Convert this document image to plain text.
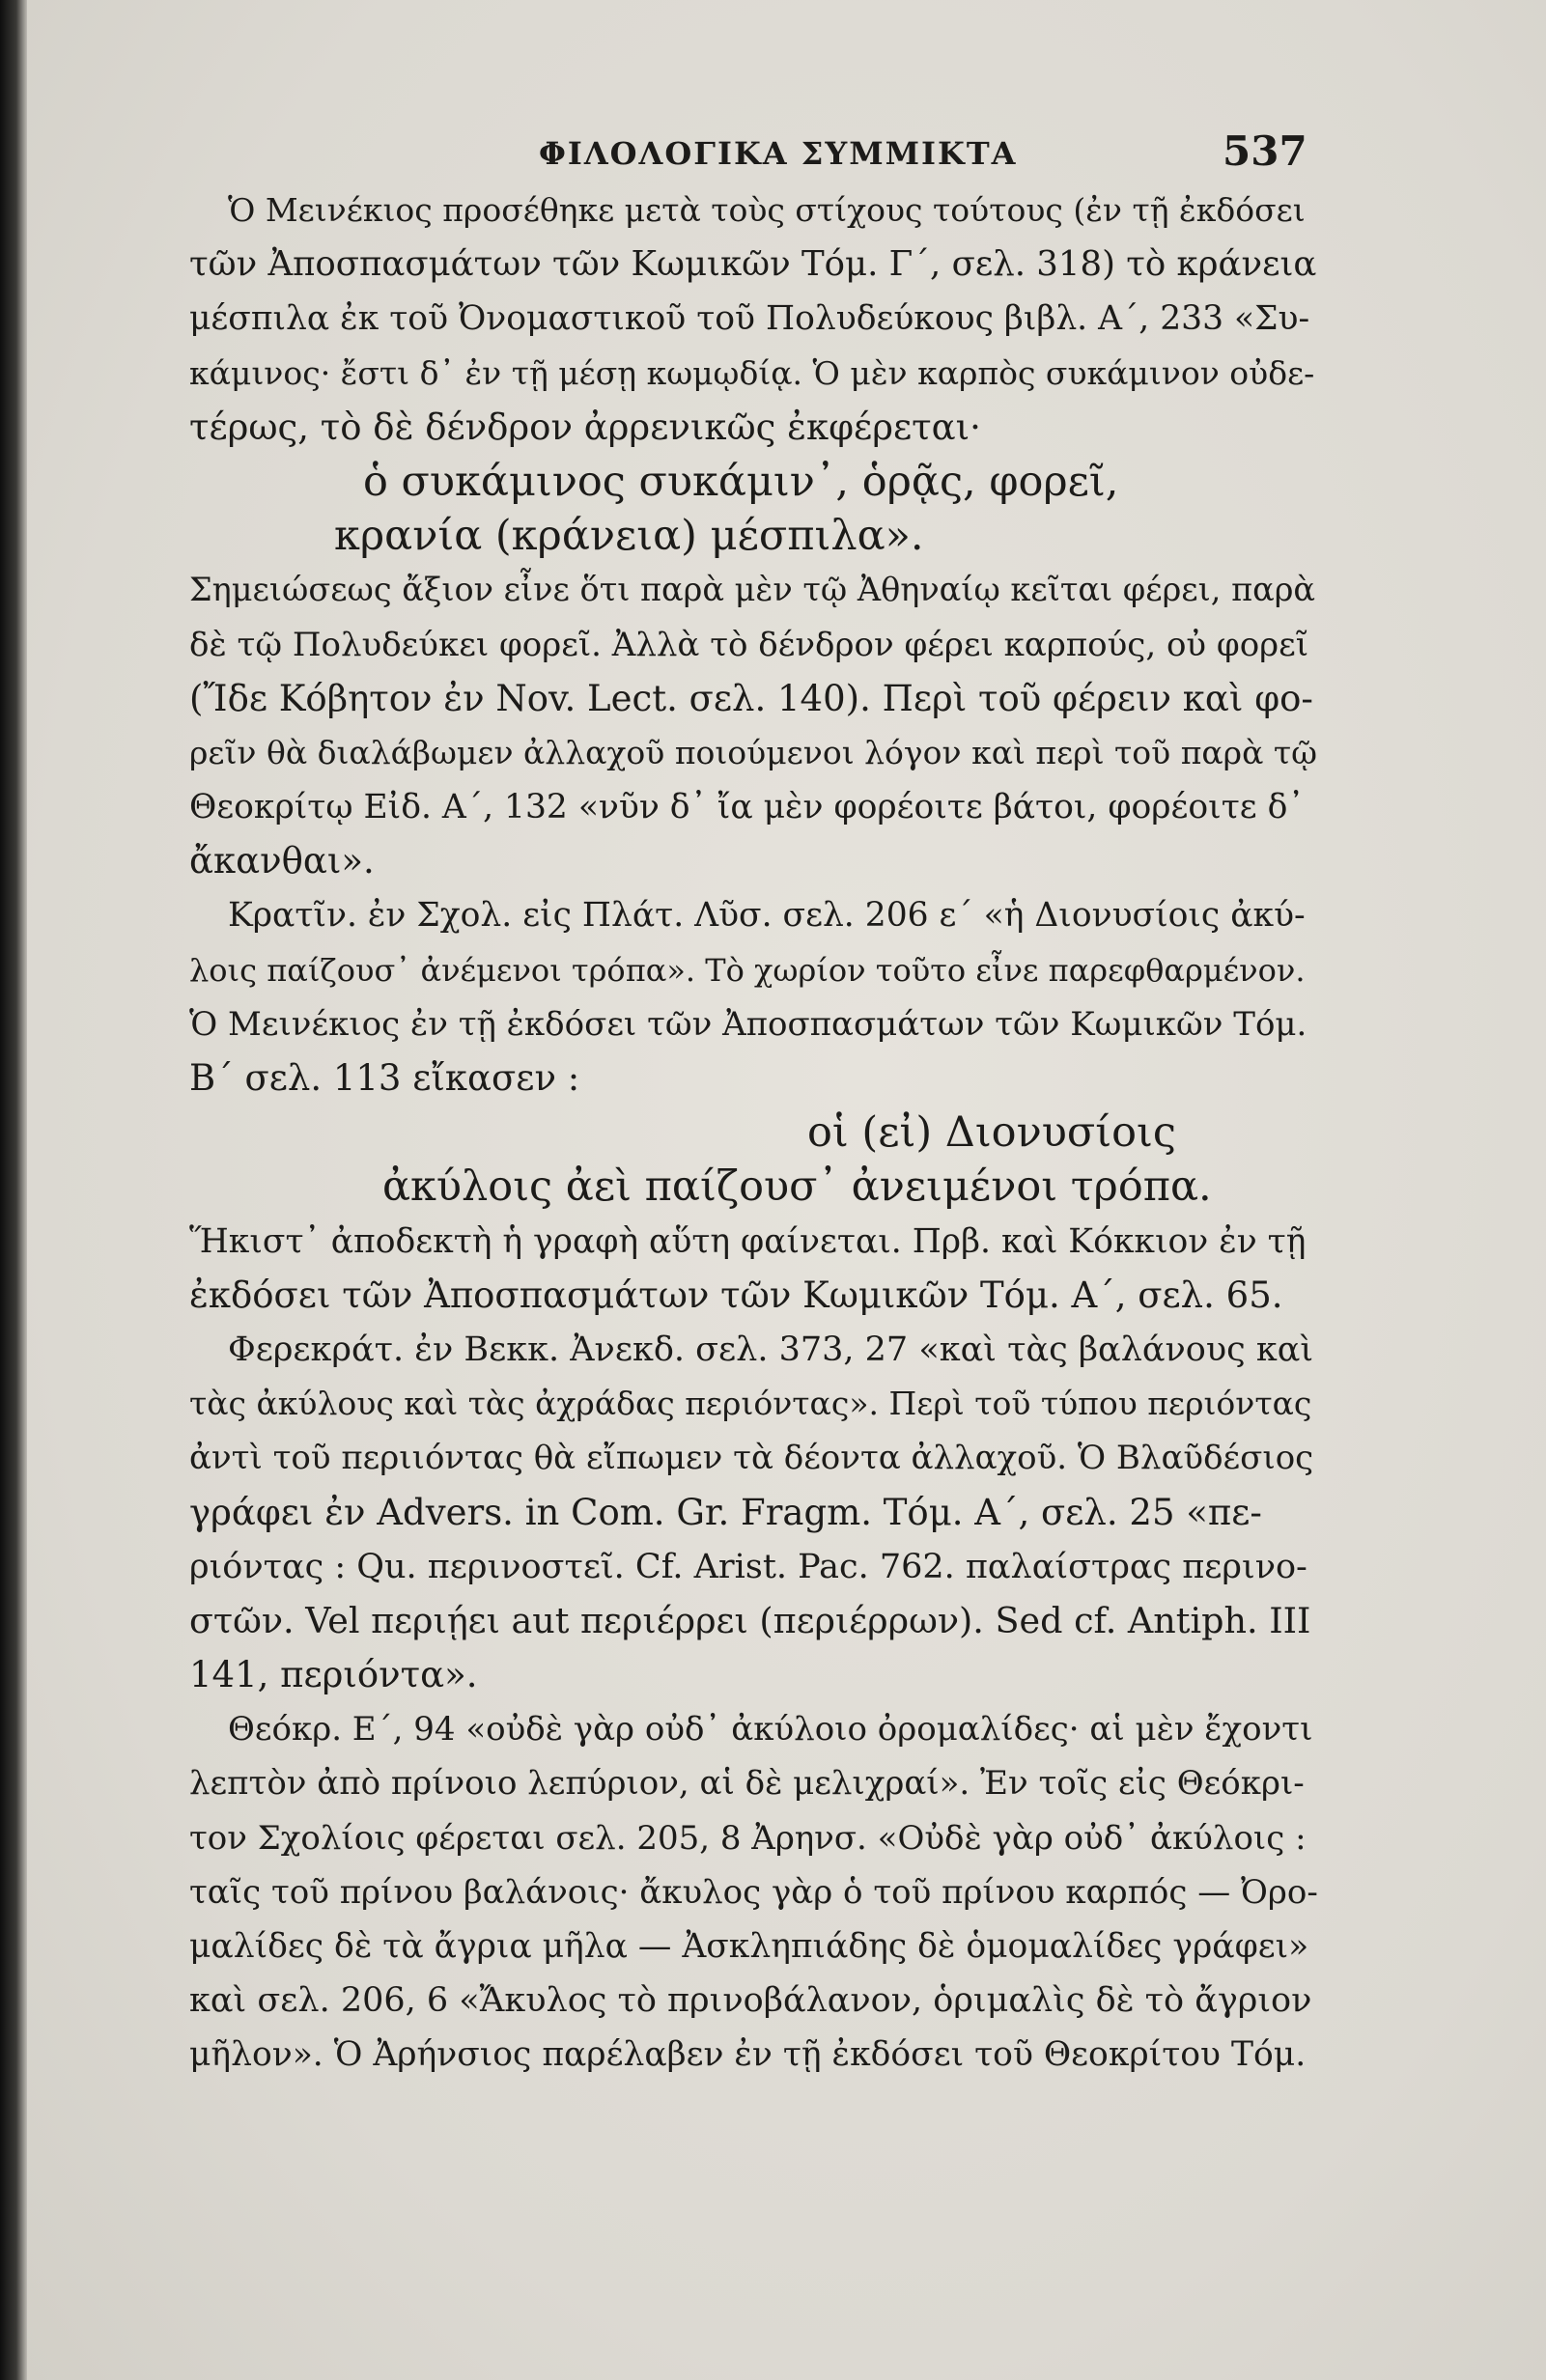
ΦΙΛΟΛΟΓΙΚΑ ΣΥΜΜΙΚΤΑ	537
Ὁ Μεινέκιος προσέθηκε μετὰ τοὺς στίχους τούτους (ἐν τῇ ἐκδόσει
τῶν Ἀποσπασμάτων τῶν Κωμικῶν Τόμ. Γ΄, σελ. 318) τὸ κράνεια
μέσπιλα ἐκ τοῦ Ὀνομαστικοῦ τοῦ Πολυδεύκους βιβλ. Α΄, 233 «Συ-
κάμινος· ἔστι δ᾽ ἐν τῇ μέσῃ κωμῳδίᾳ. Ὁ μὲν καρπὸς συκάμινον οὐδε-
τέρως, τὸ δὲ δένδρον ἀρρενικῶς ἐκφέρεται·
ὁ συκάμινος συκάμιν᾽, ὁρᾷς, φορεῖ,
κρανία (κράνεια) μέσπιλα».
Σημειώσεως ἄξιον εἶνε ὅτι παρὰ μὲν τῷ Ἀθηναίῳ κεῖται φέρει, παρὰ
δὲ τῷ Πολυδεύκει φορεῖ. Ἀλλὰ τὸ δένδρον φέρει καρπούς, οὐ φορεῖ
(Ἴδε Κόβητον ἐν Nov. Lect. σελ. 140). Περὶ τοῦ φέρειν καὶ φο-
ρεῖν θὰ διαλάβωμεν ἀλλαχοῦ ποιούμενοι λόγον καὶ περὶ τοῦ παρὰ τῷ
Θεοκρίτῳ Εἰδ. Α΄, 132 «νῦν δ᾽ ἴα μὲν φορέοιτε βάτοι, φορέοιτε δ᾽
ἄκανθαι».
Κρατῖν. ἐν Σχολ. εἰς Πλάτ. Λῦσ. σελ. 206 ε΄ «ἡ Διονυσίοις ἀκύ-
λοις παίζουσ᾽ ἀνέμενοι τρόπα». Τὸ χωρίον τοῦτο εἶνε παρεφθαρμένον.
Ὁ Μεινέκιος ἐν τῇ ἐκδόσει τῶν Ἀποσπασμάτων τῶν Κωμικῶν Τόμ.
Β΄ σελ. 113 εἴκασεν :
οἱ (εἰ) Διονυσίοις
ἀκύλοις ἀεὶ παίζουσ᾽ ἀνειμένοι τρόπα.
Ἥκιστ᾽ ἀποδεκτὴ ἡ γραφὴ αὕτη φαίνεται. Πρβ. καὶ Κόκκιον ἐν τῇ
ἐκδόσει τῶν Ἀποσπασμάτων τῶν Κωμικῶν Τόμ. Α΄, σελ. 65.
Φερεκράτ. ἐν Βεκκ. Ἀνεκδ. σελ. 373, 27 «καὶ τὰς βαλάνους καὶ
τὰς ἀκύλους καὶ τὰς ἀχράδας περιόντας». Περὶ τοῦ τύπου περιόντας
ἀντὶ τοῦ περιιόντας θὰ εἴπωμεν τὰ δέοντα ἀλλαχοῦ. Ὁ Βλαῦδέσιος
γράφει ἐν Advers. in Com. Gr. Fragm. Τόμ. Α΄, σελ. 25 «πε-
ριόντας : Qu. περινοστεῖ. Cf. Arist. Pac. 762. παλαίστρας περινο-
στῶν. Vel περιῄει aut περιέρρει (περιέρρων). Sed cf. Antiph. III
141, περιόντα».
Θεόκρ. Ε΄, 94 «οὐδὲ γὰρ οὐδ᾽ ἀκύλοιο ὀρομαλίδες· αἱ μὲν ἔχοντι
λεπτὸν ἀπὸ πρίνοιο λεπύριον, αἱ δὲ μελιχραί». Ἐν τοῖς εἰς Θεόκρι-
τον Σχολίοις φέρεται σελ. 205, 8 Ἀρηνσ. «Οὐδὲ γὰρ οὐδ᾽ ἀκύλοις :
ταῖς τοῦ πρίνου βαλάνοις· ἄκυλος γὰρ ὁ τοῦ πρίνου καρπός — Ὀρο-
μαλίδες δὲ τὰ ἄγρια μῆλα — Ἀσκληπιάδης δὲ ὁμομαλίδες γράφει»
καὶ σελ. 206, 6 «Ἄκυλος τὸ πρινοβάλανον, ὁριμαλὶς δὲ τὸ ἄγριον
μῆλον». Ὁ Ἀρήνσιος παρέλαβεν ἐν τῇ ἐκδόσει τοῦ Θεοκρίτου Τόμ.
